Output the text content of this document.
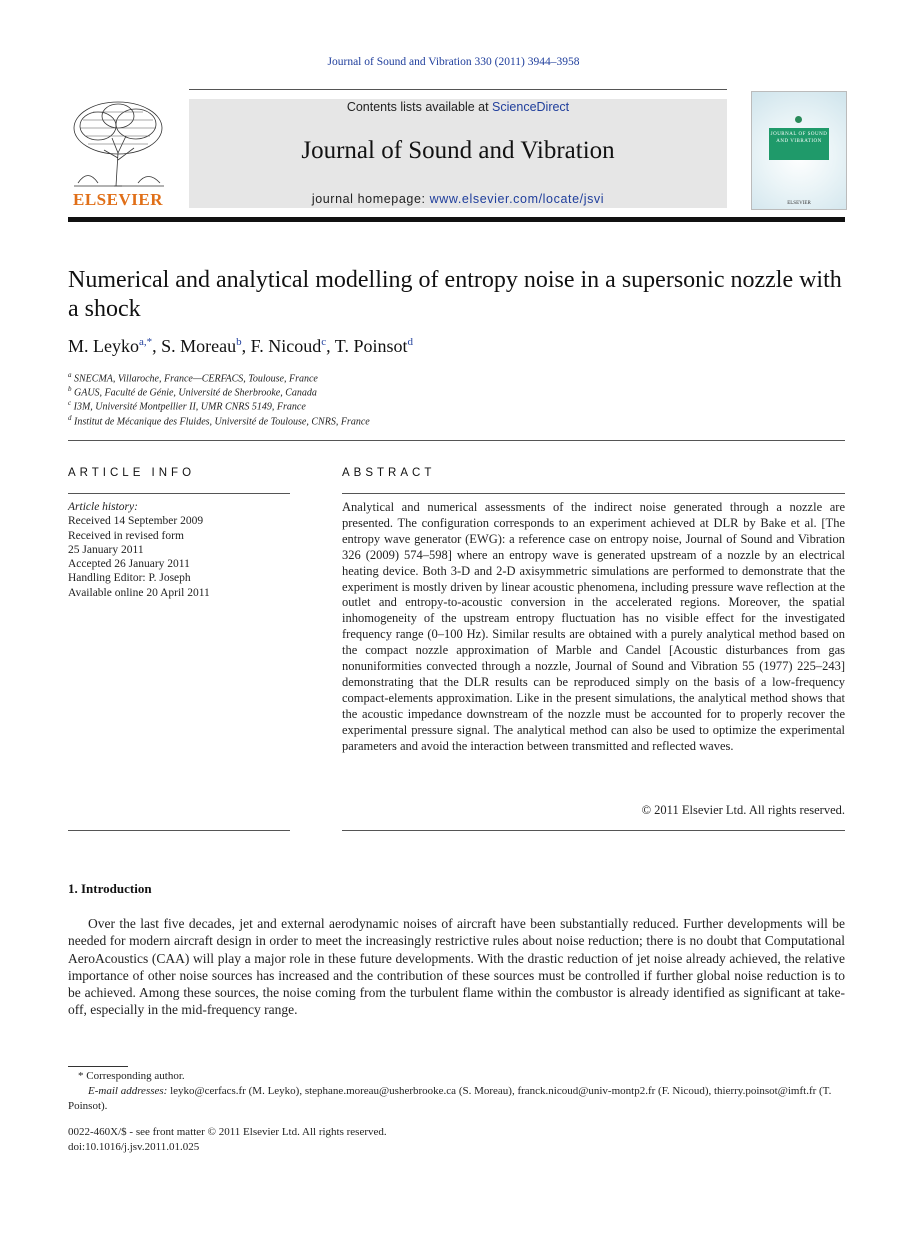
Journal of Sound and Vibration 330 (2011) 3944–3958
ELSEVIER
Contents lists available at ScienceDirect
Journal of Sound and Vibration
journal homepage: www.elsevier.com/locate/jsvi
JOURNAL OF SOUND AND VIBRATION
ELSEVIER
Numerical and analytical modelling of entropy noise in a supersonic nozzle with a shock
M. Leyko$^{a,*}$, S. Moreau$^b$, F. Nicoud$^c$, T. Poinsot$^d$
$^a$ SNECMA, Villaroche, France—CERFACS, Toulouse, France
$^b$ GAUS, Faculté de Génie, Université de Sherbrooke, Canada
$^c$ I3M, Université Montpellier II, UMR CNRS 5149, France
$^d$ Institut de Mécanique des Fluides, Université de Toulouse, CNRS, France
ARTICLE INFO	ABSTRACT
Article history:
Received 14 September 2009
Received in revised form
25 January 2011
Accepted 26 January 2011
Handling Editor: P. Joseph
Available online 20 April 2011
Analytical and numerical assessments of the indirect noise generated through a nozzle are presented. The configuration corresponds to an experiment achieved at DLR by Bake et al. [The entropy wave generator (EWG): a reference case on entropy noise, Journal of Sound and Vibration 326 (2009) 574–598] where an entropy wave is generated upstream of a nozzle by an electrical heating device. Both 3-D and 2-D axisymmetric simulations are performed to demonstrate that the experiment is mostly driven by linear acoustic phenomena, including pressure wave reflection at the outlet and entropy-to-acoustic conversion in the accelerated regions. Moreover, the spatial inhomogeneity of the upstream entropy fluctuation has no visible effect for the investigated frequency range (0–100 Hz). Similar results are obtained with a purely analytical method based on the compact nozzle approximation of Marble and Candel [Acoustic disturbances from gas nonuniformities convected through a nozzle, Journal of Sound and Vibration 55 (1977) 225–243] demonstrating that the DLR results can be reproduced simply on the basis of a low-frequency compact-elements approximation. Like in the present simulations, the analytical method shows that the acoustic impedance downstream of the nozzle must be accounted for to properly recover the experimental pressure signal. The analytical method can also be used to optimize the experimental parameters and avoid the interaction between transmitted and reflected waves.
© 2011 Elsevier Ltd. All rights reserved.
1. Introduction
Over the last five decades, jet and external aerodynamic noises of aircraft have been substantially reduced. Further developments will be needed for modern aircraft design in order to meet the increasingly restrictive rules about noise reduction; there is no doubt that Computational AeroAcoustics (CAA) will play a major role in these future developments. With the drastic reduction of jet noise already achieved, the relative importance of other noise sources has increased and the contribution of these sources must be controlled if further global noise reduction is to be achieved. Among these sources, the noise coming from the turbulent flame within the combustor is already identified as significant at take-off, especially in the mid-frequency range.
* Corresponding author.
E-mail addresses: leyko@cerfacs.fr (M. Leyko), stephane.moreau@usherbrooke.ca (S. Moreau), franck.nicoud@univ-montp2.fr (F. Nicoud), thierry.poinsot@imft.fr (T. Poinsot).
0022-460X/$ - see front matter © 2011 Elsevier Ltd. All rights reserved.
doi:10.1016/j.jsv.2011.01.025
